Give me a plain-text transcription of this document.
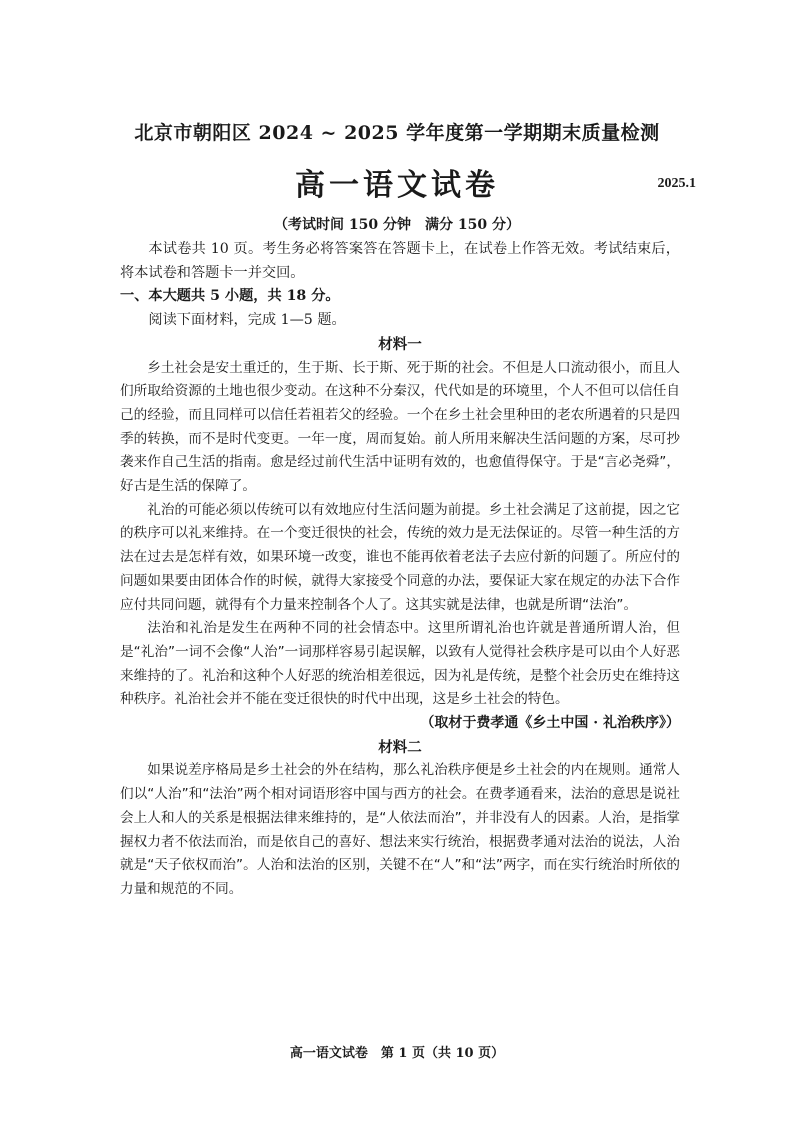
北京市朝阳区 2024 ~ 2025 学年度第一学期期末质量检测
高一语文试卷	2025.1
（考试时间 150 分钟　满分 150 分）

本试卷共 10 页。考生务必将答案答在答题卡上，在试卷上作答无效。考试结束后，将本试卷和答题卡一并交回。

一、本大题共 5 小题，共 18 分。

阅读下面材料，完成 1—5 题。

材料一

乡土社会是安土重迁的，生于斯、长于斯、死于斯的社会。不但是人口流动很小，而且人们所取给资源的土地也很少变动。在这种不分秦汉，代代如是的环境里，个人不但可以信任自己的经验，而且同样可以信任若祖若父的经验。一个在乡土社会里种田的老农所遇着的只是四季的转换，而不是时代变更。一年一度，周而复始。前人所用来解决生活问题的方案，尽可抄袭来作自己生活的指南。愈是经过前代生活中证明有效的，也愈值得保守。于是“言必尧舜”，好古是生活的保障了。

礼治的可能必须以传统可以有效地应付生活问题为前提。乡土社会满足了这前提，因之它的秩序可以礼来维持。在一个变迁很快的社会，传统的效力是无法保证的。尽管一种生活的方法在过去是怎样有效，如果环境一改变，谁也不能再依着老法子去应付新的问题了。所应付的问题如果要由团体合作的时候，就得大家接受个同意的办法，要保证大家在规定的办法下合作应付共同问题，就得有个力量来控制各个人了。这其实就是法律，也就是所谓“法治”。

法治和礼治是发生在两种不同的社会情态中。这里所谓礼治也许就是普通所谓人治，但是“礼治”一词不会像“人治”一词那样容易引起误解，以致有人觉得社会秩序是可以由个人好恶来维持的了。礼治和这种个人好恶的统治相差很远，因为礼是传统，是整个社会历史在维持这种秩序。礼治社会并不能在变迁很快的时代中出现，这是乡土社会的特色。

（取材于费孝通《乡土中国 · 礼治秩序》）

材料二

如果说差序格局是乡土社会的外在结构，那么礼治秩序便是乡土社会的内在规则。通常人们以“人治”和“法治”两个相对词语形容中国与西方的社会。在费孝通看来，法治的意思是说社会上人和人的关系是根据法律来维持的，是“人依法而治”，并非没有人的因素。人治，是指掌握权力者不依法而治，而是依自己的喜好、想法来实行统治，根据费孝通对法治的说法，人治就是“天子依权而治”。人治和法治的区别，关键不在“人”和“法”两字，而在实行统治时所依的力量和规范的不同。

高一语文试卷　第 1 页（共 10 页）
